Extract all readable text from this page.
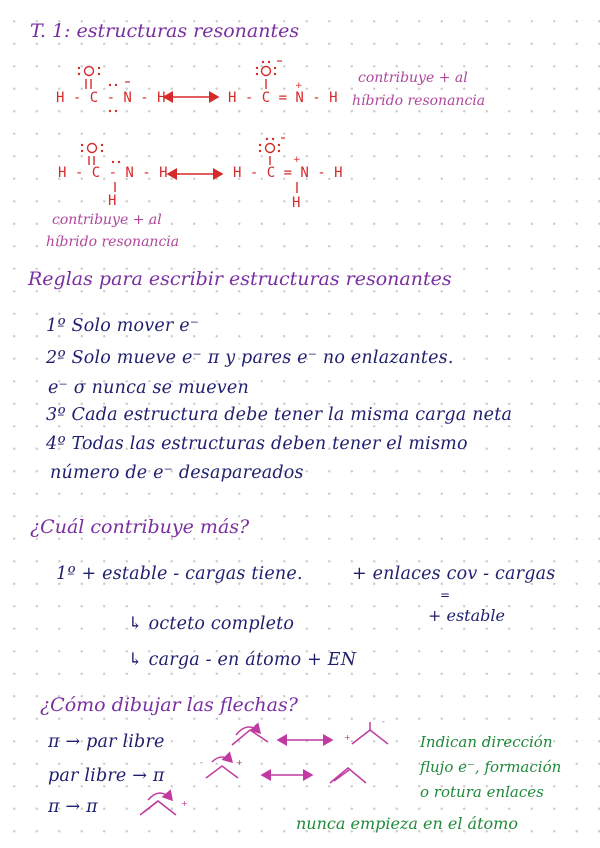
T. 1: estructuras resonantes
H - C - N - H	H - C = N - H
contribuye + al
híbrido resonancia
H - C - N - H	H - C = N - H
H	H
contribuye + al
híbrido resonancia
Reglas para escribir estructuras resonantes
1º Solo mover e⁻
2º Solo mueve e⁻ π y pares e⁻ no enlazantes.
e⁻ σ nunca se mueven
3º Cada estructura debe tener la misma carga neta
4º Todas las estructuras deben tener el mismo
número de e⁻ desapareados
¿Cuál contribuye más?
1º + estable - cargas tiene.	+ enlaces cov - cargas
=
+ estable
↳ octeto completo
↳ carga - en átomo + EN
¿Cómo dibujar las flechas?
π → par libre
par libre → π
π → π
Indican dirección
flujo e⁻, formación
o rotura enlaces
nunca empieza en el átomo
+
+
+
-
-	+
+
